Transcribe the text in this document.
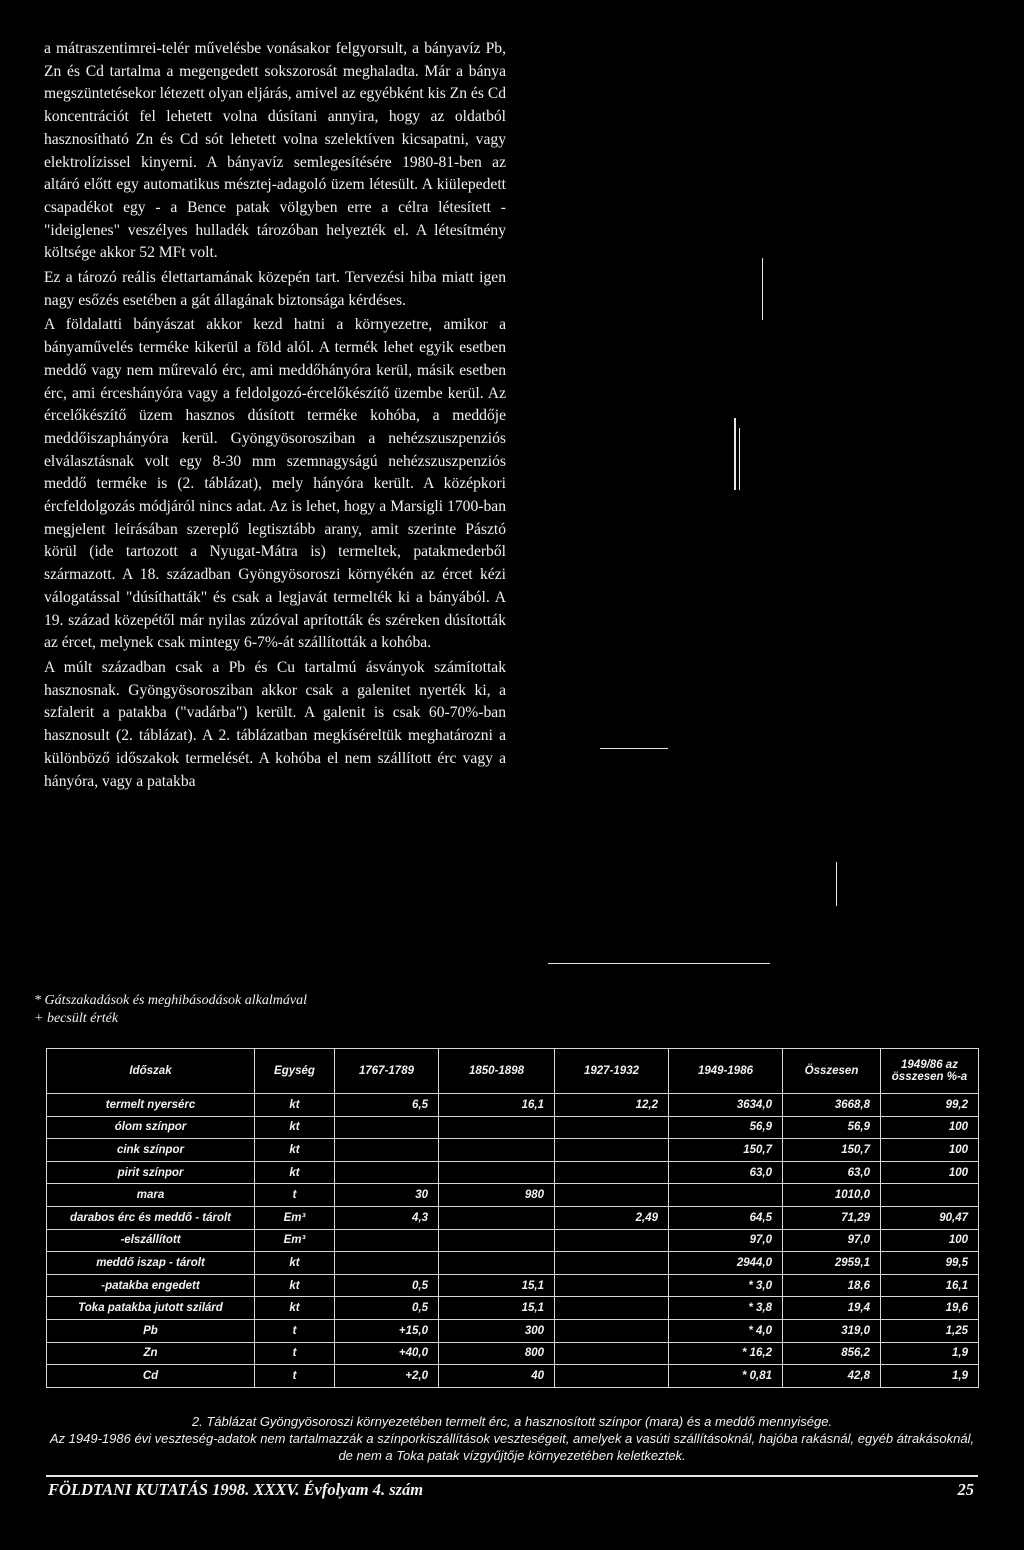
a mátraszentimrei-telér művelésbe vonásakor felgyorsult, a bányavíz Pb, Zn és Cd tartalma a megengedett sokszorosát meghaladta. Már a bánya megszüntetésekor létezett olyan eljárás, amivel az egyébként kis Zn és Cd koncentrációt fel lehetett volna dúsítani annyira, hogy az oldatból hasznosítható Zn és Cd sót lehetett volna szelektíven kicsapatni, vagy elektrolízissel kinyerni. A bányavíz semlegesítésére 1980-81-ben az altáró előtt egy automatikus mésztej-adagoló üzem létesült. A kiülepedett csapadékot egy - a Bence patak völgyben erre a célra létesített - "ideiglenes" veszélyes hulladék tározóban helyezték el. A létesítmény költsége akkor 52 MFt volt.

Ez a tározó reális élettartamának közepén tart. Tervezési hiba miatt igen nagy esőzés esetében a gát állagának biztonsága kérdéses.

A földalatti bányászat akkor kezd hatni a környezetre, amikor a bányaművelés terméke kikerül a föld alól. A termék lehet egyik esetben meddő vagy nem műrevaló érc, ami meddőhányóra kerül, másik esetben érc, ami érceshányóra vagy a feldolgozó-ércelőkészítő üzembe kerül. Az ércelőkészítő üzem hasznos dúsított terméke kohóba, a meddője meddőiszaphányóra kerül. Gyöngyösorosziban a nehézszuszpenziós elválasztásnak volt egy 8-30 mm szemnagyságú nehézszuszpenziós meddő terméke is (2. táblázat), mely hányóra került. A középkori ércfeldolgozás módjáról nincs adat. Az is lehet, hogy a Marsigli 1700-ban megjelent leírásában szereplő legtisztább arany, amit szerinte Pásztó körül (ide tartozott a Nyugat-Mátra is) termeltek, patakmederből származott. A 18. században Gyöngyösoroszi környékén az ércet kézi válogatással "dúsíthatták" és csak a legjavát termelték ki a bányából. A 19. század közepétől már nyilas zúzóval aprították és széreken dúsították az ércet, melynek csak mintegy 6-7%-át szállították a kohóba.

A múlt században csak a Pb és Cu tartalmú ásványok számítottak hasznosnak. Gyöngyösorosziban akkor csak a galenitet nyerték ki, a szfalerit a patakba ("vadárba") került. A galenit is csak 60-70%-ban hasznosult (2. táblázat). A 2. táblázatban megkíséreltük meghatározni a különböző időszakok termelését. A kohóba el nem szállított érc vagy a hányóra, vagy a patakba

* Gátszakadások és meghibásodások alkalmával
+ becsült érték
Időszak	Egység	1767-1789	1850-1898	1927-1932	1949-1986	Összesen	1949/86 az összesen %-a
termelt nyersérc	kt	6,5	16,1	12,2	3634,0	3668,8	99,2
ólom színpor	kt				56,9	56,9	100
cink színpor	kt				150,7	150,7	100
pirit színpor	kt				63,0	63,0	100
mara	t	30	980			1010,0	
darabos érc és meddő - tárolt	Em³	4,3		2,49	64,5	71,29	90,47
-elszállított	Em³				97,0	97,0	100
meddő iszap - tárolt	kt				2944,0	2959,1	99,5
-patakba engedett	kt	0,5	15,1		* 3,0	18,6	16,1
Toka patakba jutott szilárd	kt	0,5	15,1		* 3,8	19,4	19,6
Pb	t	+15,0	300		* 4,0	319,0	1,25
Zn	t	+40,0	800		* 16,2	856,2	1,9
Cd	t	+2,0	40		* 0,81	42,8	1,9
2. Táblázat Gyöngyösoroszi környezetében termelt érc, a hasznosított színpor (mara) és a meddő mennyisége.
Az 1949-1986 évi veszteség-adatok nem tartalmazzák a színporkiszállítások veszteségeit, amelyek a vasúti szállításoknál, hajóba rakásnál, egyéb átrakásoknál, de nem a Toka patak vízgyűjtője környezetében keletkeztek.
FÖLDTANI KUTATÁS 1998. XXXV. Évfolyam 4. szám	25
